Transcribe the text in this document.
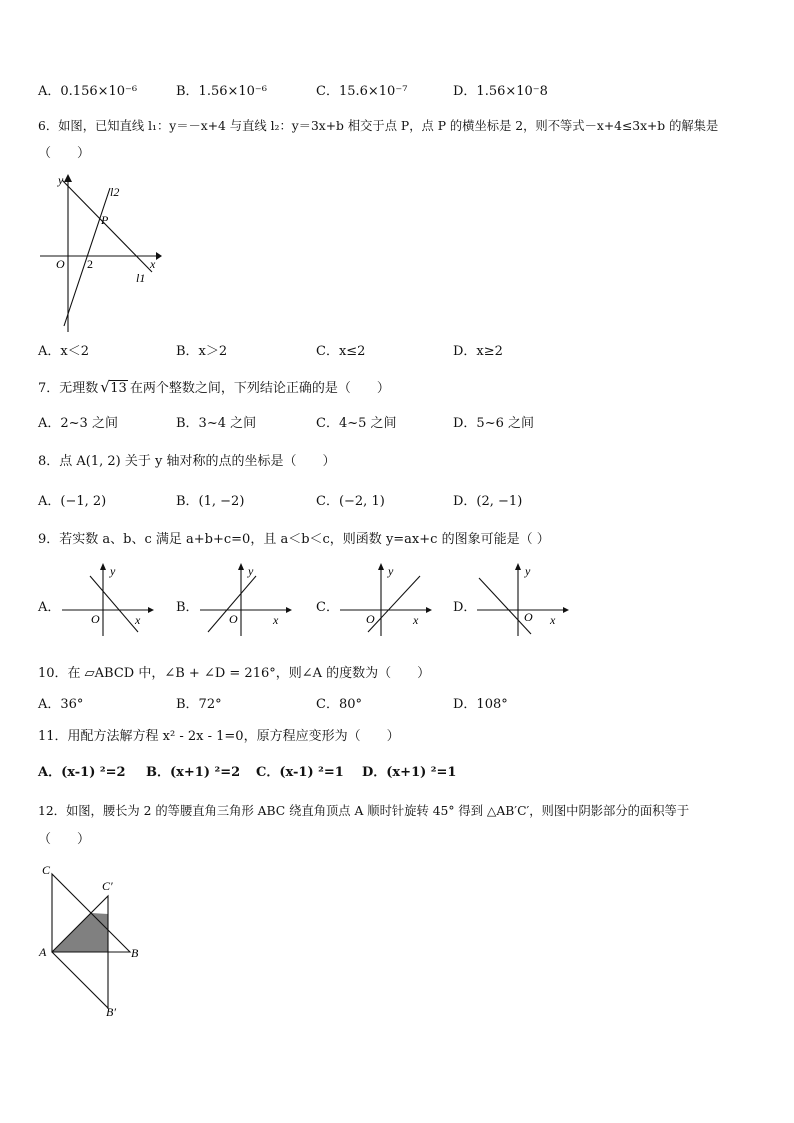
A．0.156×10⁻⁶	B．1.56×10⁻⁶	C．15.6×10⁻⁷	D．1.56×10⁻8
6．如图，已知直线 l₁：y＝－x+4 与直线 l₂：y＝3x+b 相交于点 P，点 P 的横坐标是 2，则不等式－x+4≤3x+b 的解集是
（　　）
y
l2
P
O 2	x
l1
A．x＜2	B．x＞2	C．x≤2	D．x≥2
7．无理数 √ 13 在两个整数之间，下列结论正确的是（　　）
A．2~3 之间	B．3~4 之间	C．4~5 之间	D．5~6 之间
8．点 A(1, 2) 关于 y 轴对称的点的坐标是（　　）
A．(−1, 2)	B．(1, −2)	C．(−2, 1)	D．(2, −1)
9．若实数 a、b、c 满足 a+b+c=0，且 a＜b＜c，则函数 y=ax+c 的图象可能是（ ）
A．
y
O	x
B．
y
O	x
C．
y
O	x
D．
y
O x
10．在 ▱ABCD 中，∠B + ∠D = 216°，则∠A 的度数为（　　）
A．36°	B．72°	C．80°	D．108°
11．用配方法解方程 x² - 2x - 1=0，原方程应变形为（　　）
A．(x-1) ²=2 B．(x+1) ²=2 C．(x-1) ²=1 D．(x+1) ²=1
12．如图，腰长为 2 的等腰直角三角形 ABC 绕直角顶点 A 顺时针旋转 45° 得到 △AB′C′，则图中阴影部分的面积等于
（　　）
C
C′
A	B
B′
